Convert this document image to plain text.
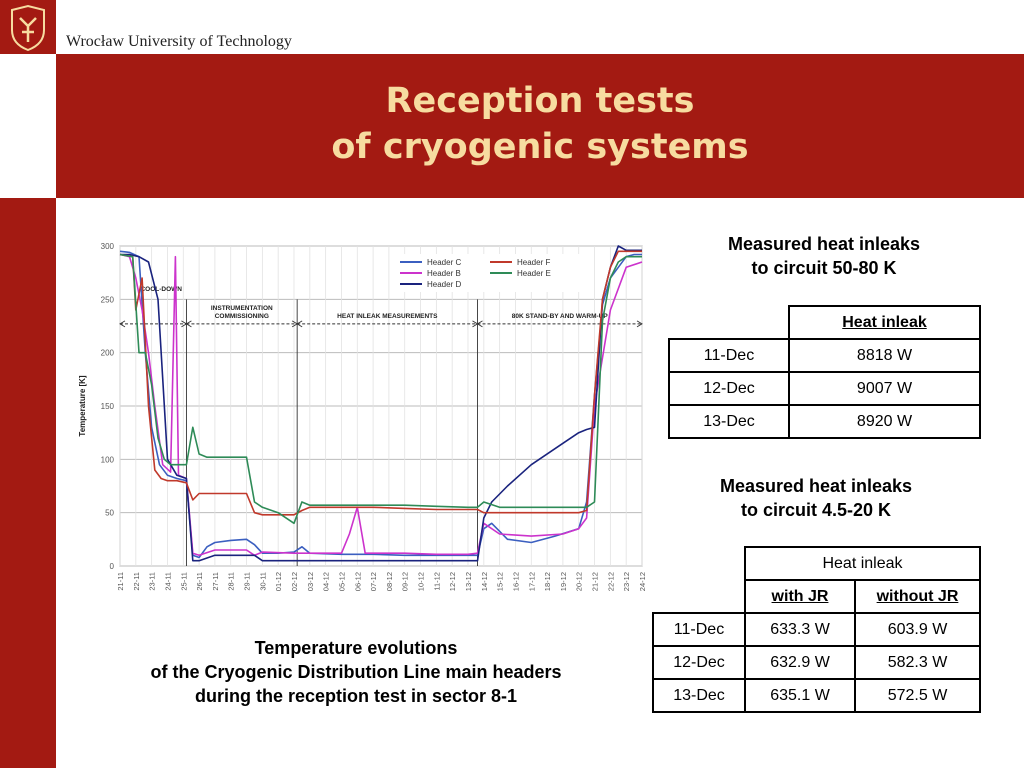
Wrocław University of Technology
Reception tests
of cryogenic systems
0
50
100
150
200
250
300
21-11 22-11 23-11 24-11 25-11 26-11 27-11 28-11 29-11 30-11 01-12 02-12 03-12 04-12 05-12 06-12 07-12 08-12 09-12 10-12 11-12 12-12 13-12 14-12 15-12 16-12 17-12 18-12 19-12 20-12 21-12 22-12 23-12 24-12
Temperature [K]
COOL-DOWN
INSTRUMENTATION
COMMISSIONING	HEAT INLEAK MEASUREMENTS	80K STAND-BY AND WARM-UP
Header C
Header B
Header D
Header F
Header E
Temperature evolutions
of the Cryogenic Distribution Line main headers
during the reception test in sector 8-1
Measured heat inleaks
to circuit 50-80 K
	Heat inleak
11-Dec	8818 W
12-Dec	9007 W
13-Dec	8920 W
Measured heat inleaks
to circuit 4.5-20 K
	Heat inleak	
	with JR	without JR
11-Dec	633.3 W	603.9 W
12-Dec	632.9 W	582.3 W
13-Dec	635.1 W	572.5 W
